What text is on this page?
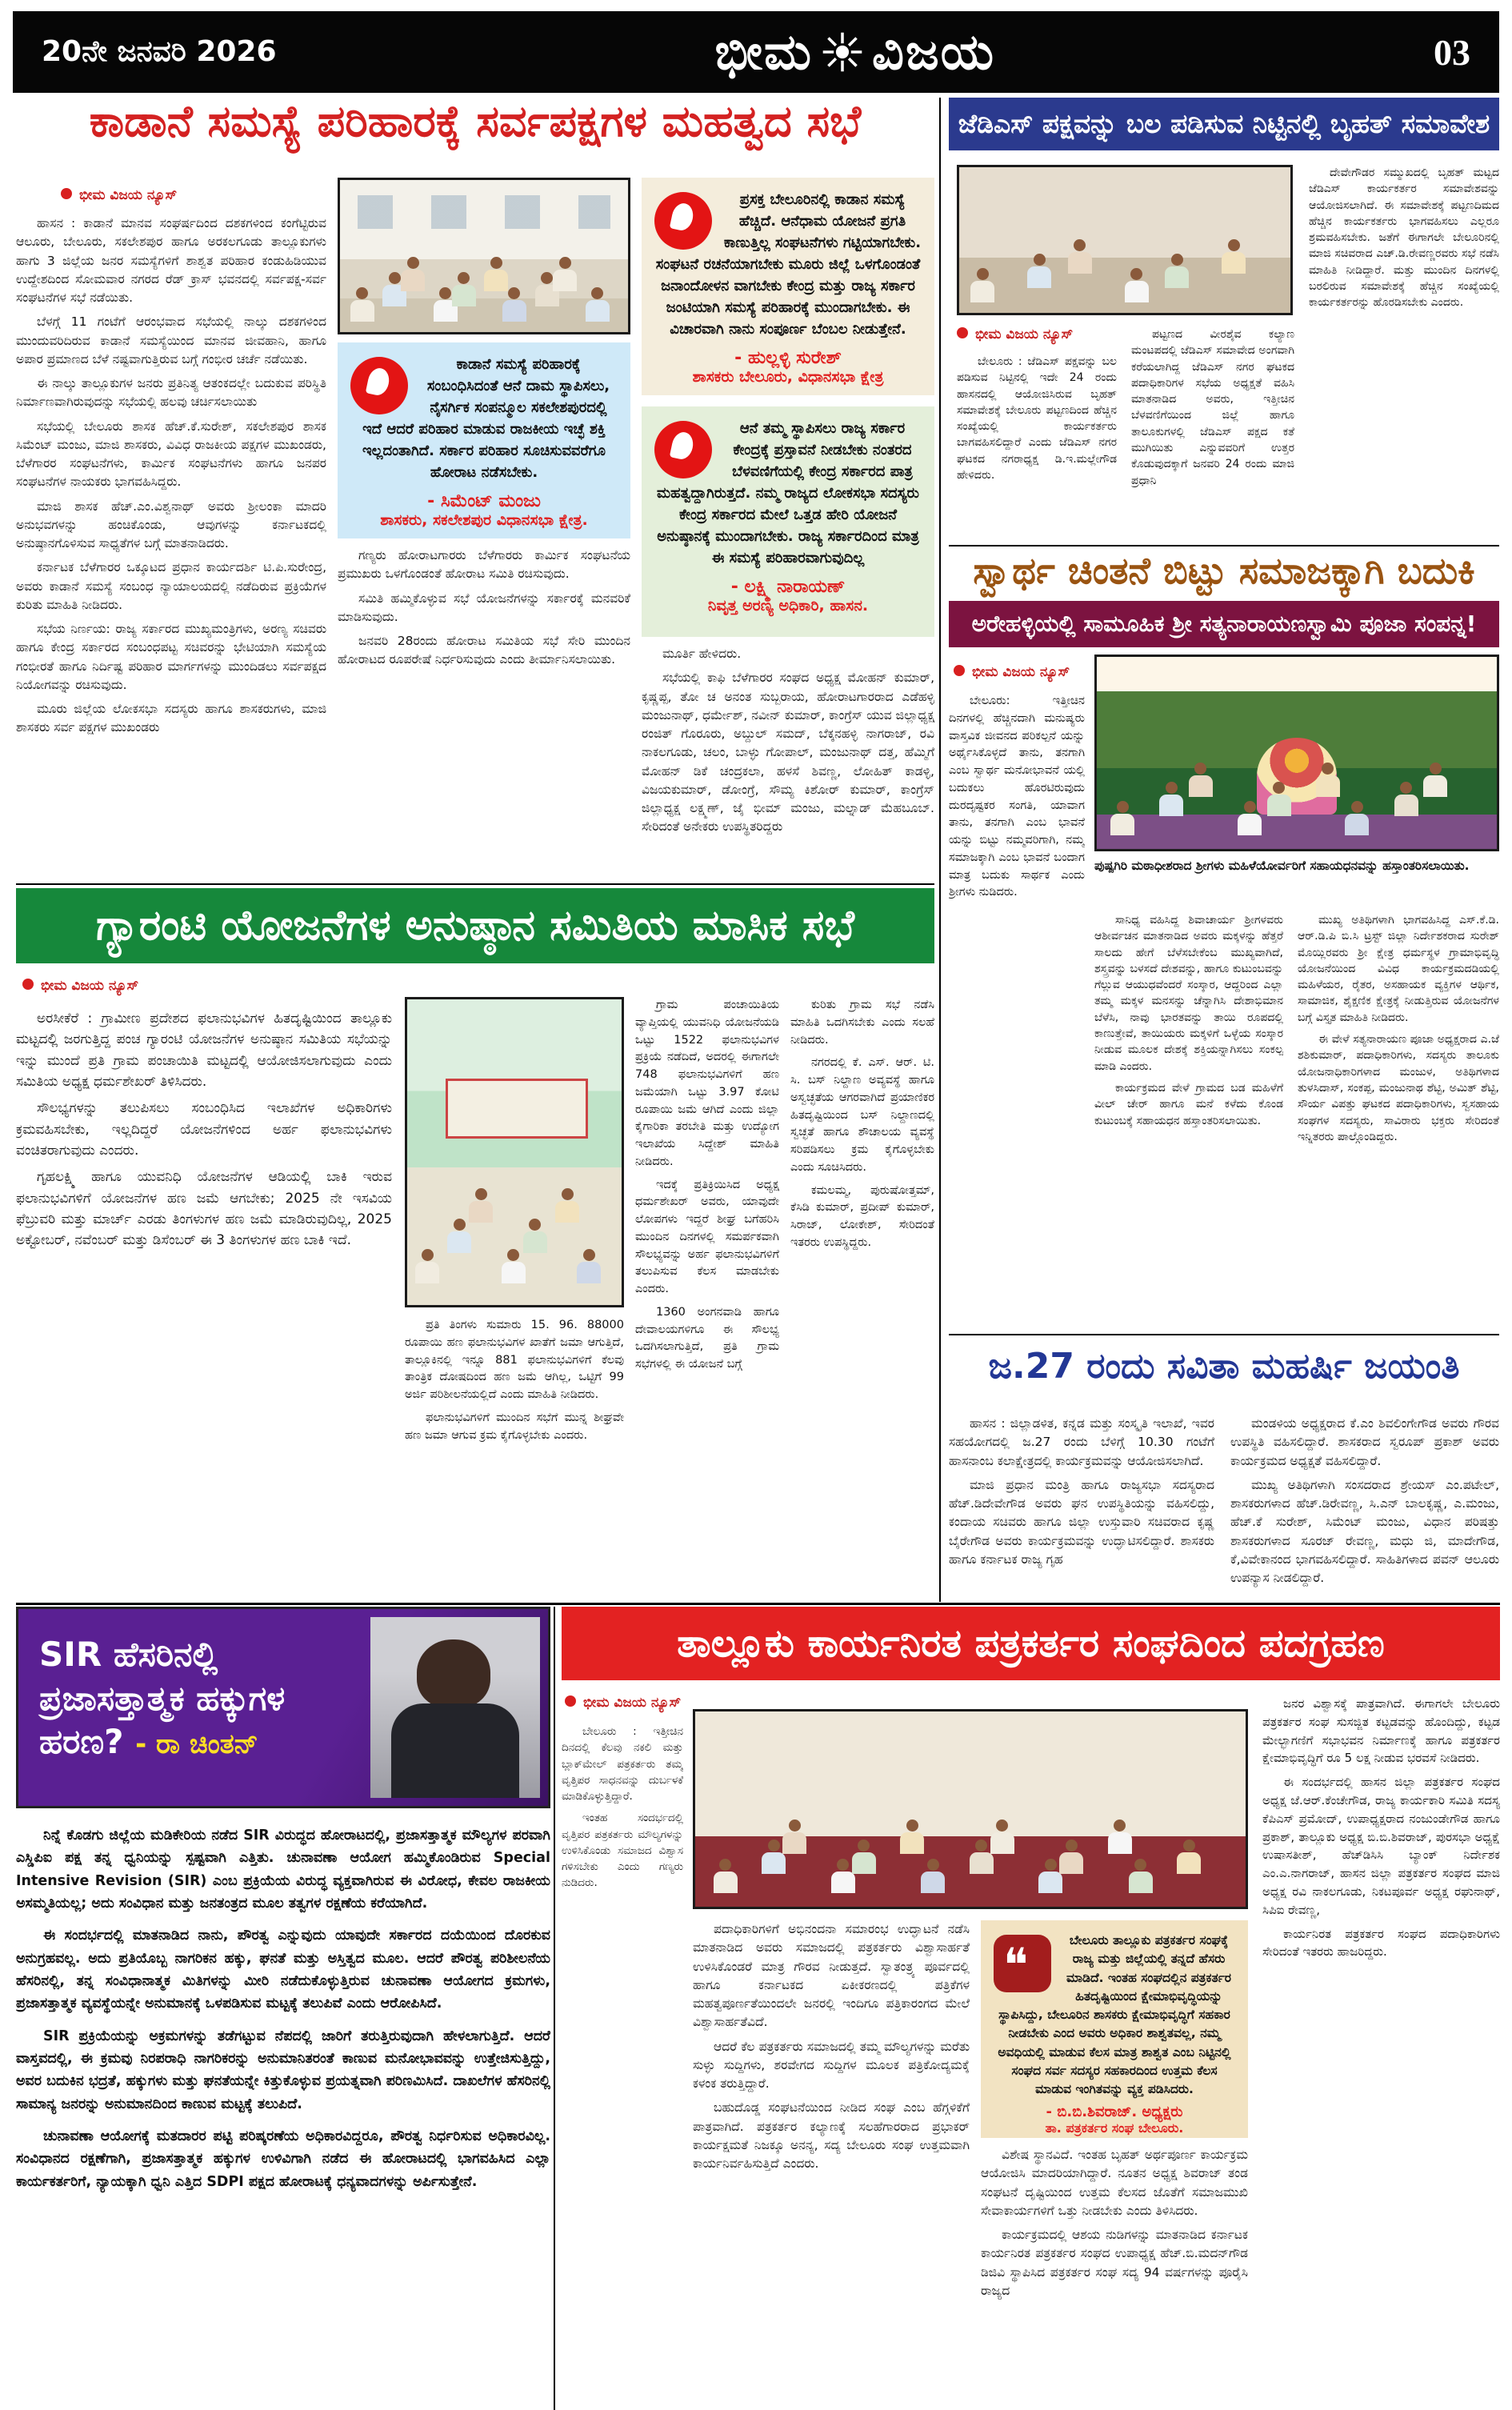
20ನೇ ಜನವರಿ 2026	ಭೀಮ ವಿಜಯ	03
ಕಾಡಾನೆ ಸಮಸ್ಯೆ ಪರಿಹಾರಕ್ಕೆ ಸರ್ವಪಕ್ಷಗಳ ಮಹತ್ವದ ಸಭೆ
ಭೀಮ ವಿಜಯ ನ್ಯೂಸ್

ಹಾಸನ : ಕಾಡಾನೆ ಮಾನವ ಸಂಘರ್ಷದಿಂದ ದಶಕಗಳಿಂದ ಕಂಗೆಟ್ಟಿರುವ ಆಲೂರು, ಬೇಲೂರು, ಸಕಲೇಶಪುರ ಹಾಗೂ ಅರಕಲಗೂಡು ತಾಲ್ಲೂಕುಗಳು ಹಾಗು 3 ಜಿಲ್ಲೆಯ ಜನರ ಸಮಸ್ಯೆಗಳಿಗೆ ಶಾಶ್ವತ ಪರಿಹಾರ ಕಂಡುಹಿಡಿಯುವ ಉದ್ದೇಶದಿಂದ ಸೋಮವಾರ ನಗರದ ರೆಡ್ ಕ್ರಾಸ್ ಭವನದಲ್ಲಿ ಸರ್ವಪಕ್ಷ-ಸರ್ವ ಸಂಘಟನೆಗಳ ಸಭೆ ನಡೆಯಿತು.

ಬೆಳಗ್ಗೆ 11 ಗಂಟೆಗೆ ಆರಂಭವಾದ ಸಭೆಯಲ್ಲಿ ನಾಲ್ಕು ದಶಕಗಳಿಂದ ಮುಂದುವರಿದಿರುವ ಕಾಡಾನೆ ಸಮಸ್ಯೆಯಿಂದ ಮಾನವ ಜೀವಹಾನಿ, ಹಾಗೂ ಅಪಾರ ಪ್ರಮಾಣದ ಬೆಳೆ ನಷ್ಟವಾಗುತ್ತಿರುವ ಬಗ್ಗೆ ಗಂಭೀರ ಚರ್ಚೆ ನಡೆಯಿತು.

ಈ ನಾಲ್ಕು ತಾಲ್ಲೂಕುಗಳ ಜನರು ಪ್ರತಿನಿತ್ಯ ಆತಂಕದಲ್ಲೇ ಬದುಕುವ ಪರಿಸ್ಥಿತಿ ನಿರ್ಮಾಣವಾಗಿರುವುದನ್ನು ಸಭೆಯಲ್ಲಿ ಹಲವು ಚರ್ಚಿಸಲಾಯಿತು

ಸಭೆಯಲ್ಲಿ ಬೇಲೂರು ಶಾಸಕ ಹೆಚ್.ಕೆ.ಸುರೇಶ್, ಸಕಲೇಶಪುರ ಶಾಸಕ ಸಿಮೆಂಟ್ ಮಂಜು, ಮಾಜಿ ಶಾಸಕರು, ವಿವಿಧ ರಾಜಕೀಯ ಪಕ್ಷಗಳ ಮುಖಂಡರು, ಬೆಳೆಗಾರರ ಸಂಘಟನೆಗಳು, ಕಾರ್ಮಿಕ ಸಂಘಟನೆಗಳು ಹಾಗೂ ಜನಪರ ಸಂಘಟನೆಗಳ ನಾಯಕರು ಭಾಗವಹಿಸಿದ್ದರು.

ಮಾಜಿ ಶಾಸಕ ಹೆಚ್.ಎಂ.ವಿಶ್ವನಾಥ್ ಅವರು ಶ್ರೀಲಂಕಾ ಮಾದರಿ ಅನುಭವಗಳನ್ನು ಹಂಚಿಕೊಂಡು, ಆವುಗಳನ್ನು ಕರ್ನಾಟಕದಲ್ಲಿ ಅನುಷ್ಠಾನಗೊಳಿಸುವ ಸಾಧ್ಯತೆಗಳ ಬಗ್ಗೆ ಮಾತನಾಡಿದರು.

ಕರ್ನಾಟಕ ಬೆಳೆಗಾರರ ಒಕ್ಕೂಟದ ಪ್ರಧಾನ ಕಾರ್ಯದರ್ಶಿ ಟಿ.ಪಿ.ಸುರೇಂದ್ರ, ಅವರು ಕಾಡಾನೆ ಸಮಸ್ಯೆ ಸಂಬಂಧ ನ್ಯಾಯಾಲಯದಲ್ಲಿ ನಡೆದಿರುವ ಪ್ರಕ್ರಿಯೆಗಳ ಕುರಿತು ಮಾಹಿತಿ ನೀಡಿದರು.

ಸಭೆಯ ನಿರ್ಣಯ: ರಾಜ್ಯ ಸರ್ಕಾರದ ಮುಖ್ಯಮಂತ್ರಿಗಳು, ಅರಣ್ಯ ಸಚಿವರು ಹಾಗೂ ಕೇಂದ್ರ ಸರ್ಕಾರದ ಸಂಬಂಧಪಟ್ಟ ಸಚಿವರನ್ನು ಭೇಟಿಯಾಗಿ ಸಮಸ್ಯೆಯ ಗಂಭೀರತೆ ಹಾಗೂ ನಿರ್ದಿಷ್ಟ ಪರಿಹಾರ ಮಾರ್ಗಗಳನ್ನು ಮುಂದಿಡಲು ಸರ್ವಪಕ್ಷದ ನಿಯೋಗವನ್ನು ರಚಿಸುವುದು.

ಮೂರು ಜಿಲ್ಲೆಯ ಲೋಕಸಭಾ ಸದಸ್ಯರು ಹಾಗೂ ಶಾಸಕರುಗಳು, ಮಾಜಿ ಶಾಸಕರು ಸರ್ವ ಪಕ್ಷಗಳ ಮುಖಂಡರು

ಕಾಡಾನೆ ಸಮಸ್ಯೆ ಪರಿಹಾರಕ್ಕೆ ಸಂಬಂಧಿಸಿದಂತೆ ಆನೆ ದಾಮ ಸ್ಥಾಪಿಸಲು, ನೈಸರ್ಗಿಕ ಸಂಪನ್ಮೂಲ ಸಕಲೇಶಪುರದಲ್ಲಿ ಇದೆ ಆದರೆ ಪರಿಹಾರ ಮಾಡುವ ರಾಜಕೀಯ ಇಚ್ಛೆ ಶಕ್ತಿ ಇಲ್ಲದಂತಾಗಿದೆ. ಸರ್ಕಾರ ಪರಿಹಾರ ಸೂಚಿಸುವವರೆಗೂ ಹೋರಾಟ ನಡೆಸಬೇಕು.
- ಸಿಮೆಂಟ್ ಮಂಜು
ಶಾಸಕರು, ಸಕಲೇಶಪುರ ವಿಧಾನಸಭಾ ಕ್ಷೇತ್ರ.

ಗಣ್ಯರು ಹೋರಾಟಗಾರರು ಬೆಳೆಗಾರರು ಕಾರ್ಮಿಕ ಸಂಘಟನೆಯ ಪ್ರಮುಖರು ಒಳಗೊಂಡಂತೆ ಹೋರಾಟ ಸಮಿತಿ ರಚಿಸುವುದು.

ಸಮಿತಿ ಹಮ್ಮಿಕೊಳ್ಳುವ ಸಭೆ ಯೋಜನೆಗಳನ್ನು ಸರ್ಕಾರಕ್ಕೆ ಮನವರಿಕೆ ಮಾಡಿಸುವುದು.

ಜನವರಿ 28ರಂದು ಹೋರಾಟ ಸಮಿತಿಯ ಸಭೆ ಸೇರಿ ಮುಂದಿನ ಹೋರಾಟದ ರೂಪರೇಷೆ ನಿರ್ಧರಿಸುವುದು ಎಂದು ತೀರ್ಮಾನಿಸಲಾಯಿತು.

ಪ್ರಸಕ್ತ ಬೇಲೂರಿನಲ್ಲಿ ಕಾಡಾನ ಸಮಸ್ಯೆ ಹೆಚ್ಚಿದೆ. ಆನೆಧಾಮ ಯೋಜನೆ ಪ್ರಗತಿ ಕಾಣುತ್ತಿಲ್ಲ ಸಂಘಟನೆಗಳು ಗಟ್ಟಿಯಾಗಬೇಕು. ಸಂಘಟನೆ ರಚನೆಯಾಗಬೇಕು ಮೂರು ಜಿಲ್ಲೆ ಒಳಗೊಂಡಂತೆ ಜನಾಂದೋಳನ ವಾಗಬೇಕು ಕೇಂದ್ರ ಮತ್ತು ರಾಜ್ಯ ಸರ್ಕಾರ ಜಂಟಿಯಾಗಿ ಸಮಸ್ಯೆ ಪರಿಹಾರಕ್ಕೆ ಮುಂದಾಗಬೇಕು. ಈ ವಿಚಾರವಾಗಿ ನಾನು ಸಂಪೂರ್ಣ ಬೆಂಬಲ ನೀಡುತ್ತೇನೆ.
- ಹುಲ್ಲಳ್ಳಿ ಸುರೇಶ್
ಶಾಸಕರು ಬೇಲೂರು, ವಿಧಾನಸಭಾ ಕ್ಷೇತ್ರ
ಆನೆ ತಮ್ಮ ಸ್ಥಾಪಿಸಲು ರಾಜ್ಯ ಸರ್ಕಾರ ಕೇಂದ್ರಕ್ಕೆ ಪ್ರಸ್ತಾವನೆ ನೀಡಬೇಕು ನಂತರದ ಬೆಳವಣಿಗೆಯಲ್ಲಿ ಕೇಂದ್ರ ಸರ್ಕಾರದ ಪಾತ್ರ ಮಹತ್ವದ್ದಾಗಿರುತ್ತದೆ. ನಮ್ಮ ರಾಜ್ಯದ ಲೋಕಸಭಾ ಸದಸ್ಯರು ಕೇಂದ್ರ ಸರ್ಕಾರದ ಮೇಲೆ ಒತ್ತಡ ಹೇರಿ ಯೋಜನೆ ಅನುಷ್ಠಾನಕ್ಕೆ ಮುಂದಾಗಬೇಕು. ರಾಜ್ಯ ಸರ್ಕಾರದಿಂದ ಮಾತ್ರ ಈ ಸಮಸ್ಯೆ ಪರಿಹಾರವಾಗುವುದಿಲ್ಲ
- ಲಕ್ಷ್ಮಿ ನಾರಾಯಣ್
ನಿವೃತ್ತ ಅರಣ್ಯ ಅಧಿಕಾರಿ, ಹಾಸನ.

ಮೂರ್ತಿ ಹೇಳಿದರು.

ಸಭೆಯಲ್ಲಿ ಕಾಫಿ ಬೆಳೆಗಾರರ ಸಂಘದ ಅಧ್ಯಕ್ಷ ಮೋಹನ್ ಕುಮಾರ್, ಕೃಷ್ಣಪ್ಪ, ತೋ ಚ ಅನಂತ ಸುಬ್ಬರಾಯ, ಹೋರಾಟಗಾರರಾದ ಎಡೆಹಳ್ಳಿ ಮಂಜುನಾಥ್, ಧರ್ಮೇಶ್, ನವೀನ್ ಕುಮಾರ್, ಕಾಂಗ್ರೆಸ್ ಯುವ ಜಿಲ್ಲಾಧ್ಯಕ್ಷ ರಂಜಿತ್ ಗೊರೂರು, ಅಬ್ದುಲ್ ಸಮದ್, ಬೆಕ್ಕನಹಳ್ಳಿ ನಾಗರಾಜ್, ರವಿ ನಾಕಲಗೂಡು, ಚಲಂ, ಬಾಳ್ಳು ಗೋಪಾಲ್, ಮಂಜುನಾಥ್ ದತ್ತ, ಹೆಮ್ಮಿಗೆ ಮೋಹನ್ ಡಿಕೆ ಚಂದ್ರಕಲಾ, ಹಳಸೆ ಶಿವಣ್ಣ, ಲೋಹಿತ್ ಕಾಡಳ್ಳಿ, ವಿಜಯಕುಮಾರ್, ಡೋಂಗ್ರೆ, ಸೌಮ್ಯ ಕಿಶೋರ್ ಕುಮಾರ್, ಕಾಂಗ್ರೆಸ್ ಜಿಲ್ಲಾಧ್ಯಕ್ಷ ಲಕ್ಷ್ಮಣ್, ಜೈ ಭೀಮ್ ಮಂಜು, ಮಲ್ನಾಡ್ ಮೆಹಬೂಬ್. ಸೇರಿದಂತೆ ಅನೇಕರು ಉಪಸ್ಥಿತರಿದ್ದರು

ಜೆಡಿಎಸ್ ಪಕ್ಷವನ್ನು ಬಲ ಪಡಿಸುವ ನಿಟ್ಟಿನಲ್ಲಿ ಬೃಹತ್ ಸಮಾವೇಶ
ಭೀಮ ವಿಜಯ ನ್ಯೂಸ್

ಬೇಲೂರು : ಜೆಡಿಎಸ್ ಪಕ್ಷವನ್ನು ಬಲ ಪಡಿಸುವ ನಿಟ್ಟಿನಲ್ಲಿ ಇದೇ 24 ರಂದು ಹಾಸನದಲ್ಲಿ ಆಯೋಜಿಸಿರುವ ಬೃಹತ್ ಸಮಾವೇಶಕ್ಕೆ ಬೇಲೂರು ಪಟ್ಟಣದಿಂದ ಹೆಚ್ಚಿನ ಸಂಖ್ಯೆಯಲ್ಲಿ ಕಾರ್ಯಕರ್ತರು ಬಾಗವಹಿಸಲಿದ್ದಾರೆ ಎಂದು ಜೆಡಿಎಸ್ ನಗರ ಘಟಕದ ನಗರಾಧ್ಯಕ್ಷ ಡಿ.ಇ.ಮಲ್ಲೇಗೌಡ ಹೇಳಿದರು.

ಪಟ್ಟಣದ ವೀರಶೈವ ಕಲ್ಯಾಣ ಮಂಟಪದಲ್ಲಿ ಜೆಡಿಎಸ್ ಸಮಾವೇದ ಅಂಗವಾಗಿ ಕರೆಯಲಾಗಿದ್ದ ಜೆಡಿಎಸ್ ನಗರ ಘಟಕದ ಪದಾಧಿಕಾರಿಗಳ ಸಭೆಯ ಅಧ್ಯಕ್ಷತೆ ವಹಿಸಿ ಮಾತನಾಡಿದ ಅವರು, ಇತ್ತೀಚಿನ ಬೆಳವಣಿಗೆಯಿಂದ ಜಿಲ್ಲೆ ಹಾಗೂ ತಾಲೂಕುಗಳಲ್ಲಿ ಜೆಡಿಎಸ್ ಪಕ್ಷದ ಕತೆ ಮುಗಿಯಿತು ಎನ್ನುವವರಿಗೆ ಉತ್ತರ ಕೊಡುವುದಕ್ಕಾಗೆ ಜನವರಿ 24 ರಂದು ಮಾಜಿ ಪ್ರಧಾನಿ

ದೇವೇಗೌಡರ ಸಮ್ಮುಖದಲ್ಲಿ ಬೃಹತ್ ಮಟ್ಟದ ಜೆಡಿಎಸ್ ಕಾರ್ಯಕರ್ತರ ಸಮಾವೇಶವನ್ನು ಆಯೋಜಿಸಲಾಗಿದೆ. ಈ ಸಮಾವೇಶಕ್ಕೆ ಪಟ್ಟಣದಿಮದ ಹೆಚ್ಚಿನ ಕಾರ್ಯಕರ್ತರು ಭಾಗವಹಿಸಲು ಎಲ್ಲರೂ ಶ್ರಮವಹಿಸಬೇಕು. ಜತೆಗೆ ಈಗಾಗಲೇ ಬೇಲೂರಿನಲ್ಲಿ ಮಾಜಿ ಸಚಿವರಾದ ಎಚ್.ಡಿ.ರೇವಣ್ಣರವರು ಸಭೆ ನಡೆಸಿ ಮಾಹಿತಿ ನೀಡಿದ್ದಾರೆ. ಮತ್ತು ಮುಂದಿನ ದಿನಗಳಲ್ಲಿ ಬರಲಿರುವ ಸಮಾವೇಶಕ್ಕೆ ಹೆಚ್ಚಿನ ಸಂಖ್ಯೆಯಲ್ಲಿ ಕಾರ್ಯಕರ್ತರನ್ನು ಹೊರಡಿಸಬೇಕು ಎಂದರು.

ಸ್ವಾರ್ಥ ಚಿಂತನೆ ಬಿಟ್ಟು ಸಮಾಜಕ್ಕಾಗಿ ಬದುಕಿ
ಅರೇಹಳ್ಳಿಯಲ್ಲಿ ಸಾಮೂಹಿಕ ಶ್ರೀ ಸತ್ಯನಾರಾಯಣಸ್ವಾಮಿ ಪೂಜಾ ಸಂಪನ್ನ!
ಭೀಮ ವಿಜಯ ನ್ಯೂಸ್

ಬೇಲೂರು: ಇತ್ತೀಚಿನ ದಿನಗಳಲ್ಲಿ ಹೆಚ್ಚಿನದಾಗಿ ಮನುಷ್ಯರು ವಾಸ್ತವಿಕ ಜೀವನದ ಪರಿಕಲ್ಪನೆ ಯನ್ನು ಅರ್ಥೈಸಿಕೊಳ್ಳದೆ ತಾನು, ತನಗಾಗಿ ಎಂಬ ಸ್ವಾರ್ಥ ಮನೋಭಾವನೆ ಯಲ್ಲಿ ಬದುಕಲು ಹೊರಟಿರುವುದು ದುರದೃಷ್ಟಕರ ಸಂಗತಿ, ಯಾವಾಗ ತಾನು, ತನಗಾಗಿ ಎಂಬ ಭಾವನೆ ಯನ್ನು ಬಿಟ್ಟು ನಮ್ಮವರಿಗಾಗಿ, ನಮ್ಮ ಸಮಾಜಕ್ಕಾಗಿ ಎಂಬ ಭಾವನೆ ಬಂದಾಗ ಮಾತ್ರ ಬದುಕು ಸಾರ್ಥಕ ಎಂದು ಶ್ರೀಗಳು ನುಡಿದರು.

ಪುಷ್ಪಗಿರಿ ಮಠಾಧೀಶರಾದ ಶ್ರೀಗಳು ಮಹಿಳೆಯೋರ್ವರಿಗೆ ಸಹಾಯಧನವನ್ನು ಹಸ್ತಾಂತರಿಸಲಾಯಿತು.

ಸಾನಿಧ್ಯ ವಹಿಸಿದ್ದ ಶಿವಾಚಾರ್ಯ ಶ್ರೀಗಳವರು ಆಶೀರ್ವಚನ ಮಾತನಾಡಿದ ಅವರು ಮಕ್ಕಳನ್ನು ಹೆತ್ತರೆ ಸಾಲದು ಹೇಗೆ ಬೆಳೆಸಬೇಕೆಂಬ ಮುಖ್ಯವಾಗಿದೆ, ಶಸ್ತ್ರವನ್ನು ಬಳಸದೆ ದೇಶವನ್ನು, ಹಾಗೂ ಕುಟುಂಬವನ್ನು ಗೆಲ್ಲುವ ಆಯುಧವೆಂದರೆ ಸಂಸ್ಕಾರ, ಆದ್ದರಿಂದ ಎಲ್ಲಾ ತಮ್ಮ ಮಕ್ಕಳ ಮನಸನ್ನು ಚೆನ್ನಾಗಿಸಿ ದೇಶಾಭಿಮಾನ ಬೆಳೆಸಿ, ನಾವು ಭಾರತವನ್ನು ತಾಯಿ ರೂಪದಲ್ಲಿ ಕಾಣುತ್ತೇವೆ, ತಾಯಿಯರು ಮಕ್ಕಳಿಗೆ ಒಳ್ಳೆಯ ಸಂಸ್ಕಾರ ನೀಡುವ ಮೂಲಕ ದೇಶಕ್ಕೆ ಶಕ್ತಿಯನ್ನಾಗಿಸಲು ಸಂಕಲ್ಪ ಮಾಡಿ ಎಂದರು.

ಕಾರ್ಯಕ್ರಮದ ವೇಳೆ ಗ್ರಾಮದ ಬಡ ಮಹಿಳೆಗೆ ವೀಲ್ ಚೇರ್ ಹಾಗೂ ಮನೆ ಕಳೆದು ಕೊಂಡ ಕುಟುಂಬಕ್ಕೆ ಸಹಾಯಧನ ಹಸ್ತಾಂತರಿಸಲಾಯಿತು.

ಮುಖ್ಯ ಅತಿಥಿಗಳಾಗಿ ಭಾಗವಹಿಸಿದ್ದ ಎಸ್.ಕೆ.ಡಿ. ಆರ್.ಡಿ.ಪಿ ಬಿ.ಸಿ ಟ್ರಸ್ಟ್ ಜಿಲ್ಲಾ ನಿರ್ದೇಶಕರಾದ ಸುರೇಶ್ ಮೊಯ್ಲಿರವರು ಶ್ರೀ ಕ್ಷೇತ್ರ ಧರ್ಮಸ್ಥಳ ಗ್ರಾಮಾಭಿವೃದ್ಧಿ ಯೋಜನೆಯಿಂದ ವಿವಿಧ ಕಾರ್ಯಕ್ರಮದಡಿಯಲ್ಲಿ ಮಹಿಳೆಯರ, ರೈತರ, ಅಸಹಾಯಕ ವ್ಯಕ್ತಿಗಳ ಆರ್ಥಿಕ, ಸಾಮಾಜಿಕ, ಶೈಕ್ಷಣಿಕ ಕ್ಷೇತ್ರಕ್ಕೆ ನೀಡುತ್ತಿರುವ ಯೋಜನೆಗಳ ಬಗ್ಗೆ ವಿಸ್ತೃತ ಮಾಹಿತಿ ನೀಡಿದರು.

ಈ ವೇಳೆ ಸತ್ಯನಾರಾಯಣ ಪೂಜಾ ಅಧ್ಯಕ್ಷರಾದ ಎ.ಜೆ ಶಶಿಕುಮಾರ್, ಪದಾಧಿಕಾರಿಗಳು, ಸದಸ್ಯರು ತಾಲೂಕು ಯೋಜನಾಧಿಕಾರಿಗಳಾದ ಮಂಜುಳ, ಅತಿಥಿಗಳಾದ ತುಳಸಿದಾಸ್, ಸಂಕಪ್ಪ, ಮಂಜುನಾಥ ಶೆಟ್ಟಿ, ಅಮಿತ್ ಶೆಟ್ಟಿ, ಸೌರ್ಯ ವಿಪತ್ತು ಘಟಕದ ಪದಾಧಿಕಾರಿಗಳು, ಸ್ವಸಹಾಯ ಸಂಘಗಳ ಸದಸ್ಯರು, ಸಾವಿರಾರು ಭಕ್ತರು ಸೇರಿದಂತೆ ಇನ್ನಿತರರು ಪಾಲ್ಗೊಂಡಿದ್ದರು.

ಜ.27 ರಂದು ಸವಿತಾ ಮಹರ್ಷಿ ಜಯಂತಿ

ಹಾಸನ : ಜಿಲ್ಲಾಡಳಿತ, ಕನ್ನಡ ಮತ್ತು ಸಂಸ್ಕೃತಿ ಇಲಾಖೆ, ಇವರ ಸಹಯೋಗದಲ್ಲಿ ಜ.27 ರಂದು ಬೆಳಿಗ್ಗೆ 10.30 ಗಂಟೆಗೆ ಹಾಸನಾಂಬ ಕಲಾಕ್ಷೇತ್ರದಲ್ಲಿ ಕಾರ್ಯಕ್ರಮವನ್ನು ಆಯೋಜಿಸಲಾಗಿದೆ.

ಮಾಜಿ ಪ್ರಧಾನ ಮಂತ್ರಿ ಹಾಗೂ ರಾಜ್ಯಸಭಾ ಸದಸ್ಯರಾದ ಹೆಚ್.ಡಿದೇವೇಗೌಡ ಅವರು ಘನ ಉಪಸ್ಥಿತಿಯನ್ನು ವಹಿಸಲಿದ್ದು, ಕಂದಾಯ ಸಚಿವರು ಹಾಗೂ ಜಿಲ್ಲಾ ಉಸ್ತುವಾರಿ ಸಚಿವರಾದ ಕೃಷ್ಣ ಬೈರೇಗೌಡ ಅವರು ಕಾರ್ಯಕ್ರಮವನ್ನು ಉದ್ಘಾಟಿಸಲಿದ್ದಾರೆ. ಶಾಸಕರು ಹಾಗೂ ಕರ್ನಾಟಕ ರಾಜ್ಯ ಗೃಹ

ಮಂಡಳಿಯ ಅಧ್ಯಕ್ಷರಾದ ಕೆ.ಎಂ ಶಿವಲಿಂಗೇಗೌಡ ಅವರು ಗೌರವ ಉಪಸ್ಥಿತಿ ವಹಿಸಲಿದ್ದಾರೆ. ಶಾಸಕರಾದ ಸ್ವರೂಪ್ ಪ್ರಕಾಶ್ ಅವರು ಕಾರ್ಯಕ್ರಮದ ಅಧ್ಯಕ್ಷತೆ ವಹಿಸಲಿದ್ದಾರೆ.

ಮುಖ್ಯ ಅತಿಥಿಗಳಾಗಿ ಸಂಸದರಾದ ಶ್ರೇಯಸ್ ಎಂ.ಪಟೇಲ್, ಶಾಸಕರುಗಳಾದ ಹೆಚ್.ಡಿರೇವಣ್ಣ, ಸಿ.ಎನ್ ಬಾಲಕೃಷ್ಣ, ಎ.ಮಂಜು, ಹೆಚ್.ಕೆ ಸುರೇಶ್, ಸಿಮೆಂಟ್ ಮಂಜು, ವಿಧಾನ ಪರಿಷತ್ತು ಶಾಸಕರುಗಳಾದ ಸೂರಜ್ ರೇವಣ್ಣ, ಮಧು ಜಿ, ಮಾದೇಗೌಡ, ಕೆ,ವಿವೇಕಾನಂದ ಭಾಗವಹಿಸಲಿದ್ದಾರೆ. ಸಾಹಿತಿಗಳಾದ ಪವನ್ ಆಲೂರು ಉಪನ್ಯಾಸ ನೀಡಲಿದ್ದಾರೆ.

ಗ್ಯಾರಂಟಿ ಯೋಜನೆಗಳ ಅನುಷ್ಠಾನ ಸಮಿತಿಯ ಮಾಸಿಕ ಸಭೆ
ಭೀಮ ವಿಜಯ ನ್ಯೂಸ್

ಅರಸೀಕೆರೆ : ಗ್ರಾಮೀಣ ಪ್ರದೇಶದ ಫಲಾನುಭವಿಗಳ ಹಿತದೃಷ್ಟಿಯಿಂದ ತಾಲ್ಲೂಕು ಮಟ್ಟದಲ್ಲಿ ಜರಗುತ್ತಿದ್ದ ಪಂಚ ಗ್ಯಾರಂಟಿ ಯೋಜನೆಗಳ ಅನುಷ್ಠಾನ ಸಮಿತಿಯ ಸಭೆಯನ್ನು ಇನ್ನು ಮುಂದೆ ಪ್ರತಿ ಗ್ರಾಮ ಪಂಚಾಯಿತಿ ಮಟ್ಟದಲ್ಲಿ ಆಯೋಜಿಸಲಾಗುವುದು ಎಂದು ಸಮಿತಿಯ ಅಧ್ಯಕ್ಷ ಧರ್ಮಶೇಖರ್ ತಿಳಿಸಿದರು.

ಸೌಲಭ್ಯಗಳನ್ನು ತಲುಪಿಸಲು ಸಂಬಂಧಿಸಿದ ಇಲಾಖೆಗಳ ಅಧಿಕಾರಿಗಳು ಕ್ರಮವಹಿಸಬೇಕು, ಇಲ್ಲದಿದ್ದರೆ ಯೋಜನೆಗಳಿಂದ ಅರ್ಹ ಫಲಾನುಭವಿಗಳು ವಂಚಿತರಾಗುವುದು ಎಂದರು.

ಗೃಹಲಕ್ಷ್ಮಿ ಹಾಗೂ ಯುವನಿಧಿ ಯೋಜನೆಗಳ ಆಡಿಯಲ್ಲಿ ಬಾಕಿ ಇರುವ ಫಲಾನುಭವಿಗಳಿಗೆ ಯೋಜನೆಗಳ ಹಣ ಜಮೆ ಆಗಬೇಕು; 2025 ನೇ ಇಸವಿಯ ಫೆಬ್ರುವರಿ ಮತ್ತು ಮಾರ್ಚ್ ಎರಡು ತಿಂಗಳುಗಳ ಹಣ ಜಮೆ ಮಾಡಿರುವುದಿಲ್ಲ, 2025 ಅಕ್ಟೋಬರ್, ನವೆಂಬರ್ ಮತ್ತು ಡಿಸೆಂಬರ್ ಈ 3 ತಿಂಗಳುಗಳ ಹಣ ಬಾಕಿ ಇದೆ.

ಪ್ರತಿ ತಿಂಗಳು ಸುಮಾರು 15. 96. 88000 ರೂಪಾಯಿ ಹಣ ಫಲಾನುಭವಿಗಳ ಖಾತೆಗೆ ಜಮಾ ಆಗುತ್ತಿದೆ, ತಾಲ್ಲೂಕಿನಲ್ಲಿ ಇನ್ನೂ 881 ಫಲಾನುಭವಿಗಳಿಗೆ ಕೆಲವು ತಾಂತ್ರಿಕ ದೋಷದಿಂದ ಹಣ ಜಮೆ ಆಗಿಲ್ಲ, ಒಟ್ಟಿಗೆ 99 ಅರ್ಜಿ ಪರಿಶೀಲನೆಯಲ್ಲಿದೆ ಎಂದು ಮಾಹಿತಿ ನೀಡಿದರು.

ಫಲಾನುಭವಿಗಳಿಗೆ ಮುಂದಿನ ಸಭೆಗೆ ಮುನ್ನ ಶೀಘ್ರವೇ ಹಣ ಜಮಾ ಆಗುವ ಕ್ರಮ ಕೈಗೊಳ್ಳಬೇಕು ಎಂದರು.

ಗ್ರಾಮ ಪಂಚಾಯಿತಿಯ ವ್ಯಾಪ್ತಿಯಲ್ಲಿ ಯುವನಿಧಿ ಯೋಜನೆಯಡಿ ಒಟ್ಟು 1522 ಫಲಾನುಭವಿಗಳ ಪ್ರಕ್ರಿಯೆ ನಡೆದಿದೆ, ಅದರಲ್ಲಿ ಈಗಾಗಲೇ 748 ಫಲಾನುಭವಿಗಳಿಗೆ ಹಣ ಜಮೆಯಾಗಿ ಒಟ್ಟು 3.97 ಕೋಟಿ ರೂಪಾಯಿ ಜಮೆ ಆಗಿದೆ ಎಂದು ಜಿಲ್ಲಾ ಕೈಗಾರಿಕಾ ತರಬೇತಿ ಮತ್ತು ಉದ್ಯೋಗ ಇಲಾಖೆಯ ಸಿದ್ದೇಶ್ ಮಾಹಿತಿ ನೀಡಿದರು.

ಇದಕ್ಕೆ ಪ್ರತಿಕ್ರಿಯಿಸಿದ ಅಧ್ಯಕ್ಷ ಧರ್ಮಶೇಖರ್ ಅವರು, ಯಾವುದೇ ಲೋಪಗಳು ಇದ್ದರೆ ಶೀಘ್ರ ಬಗೆಹರಿಸಿ ಮುಂದಿನ ದಿನಗಳಲ್ಲಿ ಸಮರ್ಪಕವಾಗಿ ಸೌಲಭ್ಯವನ್ನು ಅರ್ಹ ಫಲಾನುಭವಿಗಳಿಗೆ ತಲುಪಿಸುವ ಕೆಲಸ ಮಾಡಬೇಕು ಎಂದರು.

1360 ಅಂಗನವಾಡಿ ಹಾಗೂ ದೇವಾಲಯಗಳಿಗೂ ಈ ಸೌಲಭ್ಯ ಒದಗಿಸಲಾಗುತ್ತಿದೆ, ಪ್ರತಿ ಗ್ರಾಮ ಸಭೆಗಳಲ್ಲಿ ಈ ಯೋಜನೆ ಬಗ್ಗೆ

ಕುರಿತು ಗ್ರಾಮ ಸಭೆ ನಡೆಸಿ ಮಾಹಿತಿ ಒದಗಿಸಬೇಕು ಎಂದು ಸಲಹೆ ನೀಡಿದರು.

ನಗರದಲ್ಲಿ ಕೆ. ಎಸ್. ಆರ್. ಟಿ. ಸಿ. ಬಸ್ ನಿಲ್ದಾಣ ಅವ್ಯವಸ್ಥೆ ಹಾಗೂ ಅಸ್ವಚ್ಛತೆಯ ಆಗರವಾಗಿದೆ ಪ್ರಯಾಣಿಕರ ಹಿತದೃಷ್ಟಿಯಿಂದ ಬಸ್ ನಿಲ್ದಾಣದಲ್ಲಿ ಸ್ವಚ್ಛತೆ ಹಾಗೂ ಶೌಚಾಲಯ ವ್ಯವಸ್ಥೆ ಸರಿಪಡಿಸಲು ಕ್ರಮ ಕೈಗೊಳ್ಳಬೇಕು ಎಂದು ಸೂಚಿಸಿದರು.

ಕಮಲಮ್ಮ, ಪುರುಷೋತ್ತಮ್, ಕೆಸಿಡಿ ಕುಮಾರ್, ಪ್ರದೀಪ್ ಕುಮಾರ್, ಸಿರಾಜ್, ಲೋಕೇಶ್, ಸೇರಿದಂತೆ ಇತರರು ಉಪಸ್ಥಿದ್ದರು.

SIR ಹೆಸರಿನಲ್ಲಿ ಪ್ರಜಾಸತ್ತಾತ್ಮಕ ಹಕ್ಕುಗಳ ಹರಣ? - ರಾ ಚಿಂತನ್

ನಿನ್ನೆ ಕೊಡಗು ಜಿಲ್ಲೆಯ ಮಡಿಕೇರಿಯ ನಡೆದ SIR ವಿರುದ್ಧದ ಹೋರಾಟದಲ್ಲಿ, ಪ್ರಜಾಸತ್ತಾತ್ಮಕ ಮೌಲ್ಯಗಳ ಪರವಾಗಿ ಎಸ್ಡಿಪಿಐ ಪಕ್ಷ ತನ್ನ ಧ್ವನಿಯನ್ನು ಸ್ಪಷ್ಟವಾಗಿ ಎತ್ತಿತು. ಚುನಾವಣಾ ಆಯೋಗ ಹಮ್ಮಿಕೊಂಡಿರುವ Special Intensive Revision (SIR) ಎಂಬ ಪ್ರಕ್ರಿಯೆಯ ವಿರುದ್ಧ ವ್ಯಕ್ತವಾಗಿರುವ ಈ ವಿರೋಧ, ಕೇವಲ ರಾಜಕೀಯ ಅಸಮ್ಮತಿಯಲ್ಲ; ಅದು ಸಂವಿಧಾನ ಮತ್ತು ಜನತಂತ್ರದ ಮೂಲ ತತ್ವಗಳ ರಕ್ಷಣೆಯ ಕರೆಯಾಗಿದೆ.

ಈ ಸಂದರ್ಭದಲ್ಲಿ ಮಾತನಾಡಿದ ನಾನು, ಪೌರತ್ವ ಎನ್ನುವುದು ಯಾವುದೇ ಸರ್ಕಾರದ ದಯೆಯಿಂದ ದೊರಕುವ ಅನುಗ್ರಹವಲ್ಲ. ಅದು ಪ್ರತಿಯೊಬ್ಬ ನಾಗರಿಕನ ಹಕ್ಕು, ಘನತೆ ಮತ್ತು ಅಸ್ತಿತ್ವದ ಮೂಲ. ಆದರೆ ಪೌರತ್ವ ಪರಿಶೀಲನೆಯ ಹೆಸರಿನಲ್ಲಿ, ತನ್ನ ಸಂವಿಧಾನಾತ್ಮಕ ಮಿತಿಗಳನ್ನು ಮೀರಿ ನಡೆದುಕೊಳ್ಳುತ್ತಿರುವ ಚುನಾವಣಾ ಆಯೋಗದ ಕ್ರಮಗಳು, ಪ್ರಜಾಸತ್ತಾತ್ಮಕ ವ್ಯವಸ್ಥೆಯನ್ನೇ ಅನುಮಾನಕ್ಕೆ ಒಳಪಡಿಸುವ ಮಟ್ಟಕ್ಕೆ ತಲುಪಿವೆ ಎಂದು ಆರೋಪಿಸಿದೆ.

SIR ಪ್ರಕ್ರಿಯೆಯನ್ನು ಅಕ್ರಮಗಳನ್ನು ತಡೆಗಟ್ಟುವ ನೆಪದಲ್ಲಿ ಜಾರಿಗೆ ತರುತ್ತಿರುವುದಾಗಿ ಹೇಳಲಾಗುತ್ತಿದೆ. ಆದರೆ ವಾಸ್ತವದಲ್ಲಿ, ಈ ಕ್ರಮವು ನಿರಪರಾಧಿ ನಾಗರಿಕರನ್ನು ಅನುಮಾನಿತರಂತೆ ಕಾಣುವ ಮನೋಭಾವವನ್ನು ಉತ್ತೇಜಿಸುತ್ತಿದ್ದು, ಅವರ ಬದುಕಿನ ಭದ್ರತೆ, ಹಕ್ಕುಗಳು ಮತ್ತು ಘನತೆಯನ್ನೇ ಕಿತ್ತುಕೊಳ್ಳುವ ಪ್ರಯತ್ನವಾಗಿ ಪರಿಣಮಿಸಿದೆ. ದಾಖಲೆಗಳ ಹೆಸರಿನಲ್ಲಿ ಸಾಮಾನ್ಯ ಜನರನ್ನು ಅನುಮಾನದಿಂದ ಕಾಣುವ ಮಟ್ಟಕ್ಕೆ ತಲುಪಿದೆ.

ಚುನಾವಣಾ ಆಯೋಗಕ್ಕೆ ಮತದಾರರ ಪಟ್ಟಿ ಪರಿಷ್ಕರಣೆಯ ಅಧಿಕಾರವಿದ್ದರೂ, ಪೌರತ್ವ ನಿರ್ಧರಿಸುವ ಅಧಿಕಾರವಿಲ್ಲ. ಸಂವಿಧಾನದ ರಕ್ಷಣೆಗಾಗಿ, ಪ್ರಜಾಸತ್ತಾತ್ಮಕ ಹಕ್ಕುಗಳ ಉಳಿವಿಗಾಗಿ ನಡೆದ ಈ ಹೋರಾಟದಲ್ಲಿ ಭಾಗವಹಿಸಿದ ಎಲ್ಲಾ ಕಾರ್ಯಕರ್ತರಿಗೆ, ನ್ಯಾಯಕ್ಕಾಗಿ ಧ್ವನಿ ಎತ್ತಿದ SDPI ಪಕ್ಷದ ಹೋರಾಟಕ್ಕೆ ಧನ್ಯವಾದಗಳನ್ನು ಅರ್ಪಿಸುತ್ತೇನೆ.

ತಾಲ್ಲೂಕು ಕಾರ್ಯನಿರತ ಪತ್ರಕರ್ತರ ಸಂಘದಿಂದ ಪದಗ್ರಹಣ
ಭೀಮ ವಿಜಯ ನ್ಯೂಸ್

ಬೇಲೂರು : ಇತ್ತೀಚಿನ ದಿನದಲ್ಲಿ ಕೆಲವು ನಕಲಿ ಮತ್ತು ಬ್ಲಾಕ್‌ಮೇಲ್ ಪತ್ರಕರ್ತರು ತಮ್ಮ ವೃತ್ತಿಪರ ಸಾಧನವನ್ನು ದುರ್ಬಳಕೆ ಮಾಡಿಕೊಳ್ಳುತ್ತಿದ್ದಾರೆ.

ಇಂತಹ ಸಂದರ್ಭದಲ್ಲಿ ವೃತ್ತಿಪರ ಪತ್ರಕರ್ತರು ಮೌಲ್ಯಗಳನ್ನು ಉಳಿಸಿಕೊಂಡು ಸಮಾಜದ ವಿಶ್ವಾಸ ಗಳಿಸಬೇಕು ಎಂದು ಗಣ್ಯರು ನುಡಿದರು.

ಪದಾಧಿಕಾರಿಗಳಿಗೆ ಅಭಿನಂದನಾ ಸಮಾರಂಭ ಉದ್ಘಾಟನೆ ನಡೆಸಿ ಮಾತನಾಡಿದ ಅವರು ಸಮಾಜದಲ್ಲಿ ಪತ್ರಕರ್ತರು ವಿಶ್ವಾಸಾರ್ಹತೆ ಉಳಿಸಿಕೊಂಡರೆ ಮಾತ್ರ ಗೌರವ ನೀಡುತ್ತದೆ. ಸ್ವಾತಂತ್ರ್ಯ ಪೂರ್ವದಲ್ಲಿ ಹಾಗೂ ಕರ್ನಾಟಕದ ಏಕೀಕರಣದಲ್ಲಿ ಪತ್ರಿಕೆಗಳ ಮಹತ್ವಪೂರ್ಣತೆಯಿಂದಲೇ ಜನರಲ್ಲಿ ಇಂದಿಗೂ ಪತ್ರಿಕಾರಂಗದ ಮೇಲೆ ವಿಶ್ವಾಸಾರ್ಹತೆವಿದೆ.

ಆದರೆ ಕೆಲ ಪತ್ರಕರ್ತರು ಸಮಾಜದಲ್ಲಿ ತಮ್ಮ ಮೌಲ್ಯಗಳನ್ನು ಮರೆತು ಸುಳ್ಳು ಸುದ್ದಿಗಳು, ಶರವೇಗದ ಸುದ್ದಿಗಳ ಮೂಲಕ ಪತ್ರಿಕೋದ್ಯಮಕ್ಕೆ ಕಳಂಕ ತರುತ್ತಿದ್ದಾರೆ.

ಬಹುದೊಡ್ಡ ಸಂಘಟನೆಯಿಂದ ನೀಡಿದ ಸಂಘ ಎಂಬ ಹೆಗ್ಗಳಿಕೆಗೆ ಪಾತ್ರವಾಗಿದೆ. ಪತ್ರಕರ್ತರ ಕಲ್ಯಾಣಕ್ಕೆ ಸಲಹೆಗಾರರಾದ ಪ್ರಭಾಕರ್ ಕಾರ್ಯಕ್ಷಮತೆ ನಿಜಕ್ಕೂ ಅನನ್ಯ, ಸದ್ಯ ಬೇಲೂರು ಸಂಘ ಉತ್ತಮವಾಗಿ ಕಾರ್ಯನಿರ್ವಹಿಸುತ್ತಿದೆ ಎಂದರು.

❝
ಬೇಲೂರು ತಾಲ್ಲೂಕು ಪತ್ರಕರ್ತರ ಸಂಘಕ್ಕೆ ರಾಜ್ಯ ಮತ್ತು ಜಿಲ್ಲೆಯಲ್ಲಿ ತನ್ನದೆ ಹೆಸರು ಮಾಡಿದೆ. ಇಂತಹ ಸಂಘದಲ್ಲಿನ ಪತ್ರಕರ್ತರ ಹಿತದೃಷ್ಟಿಯಿಂದ ಕ್ಷೇಮಾಭಿವೃದ್ಧಿಯನ್ನು ಸ್ಥಾಪಿಸಿದ್ದು, ಬೇಲೂರಿನ ಶಾಸಕರು ಕ್ಷೇಮಾಭಿವೃದ್ಧಿಗೆ ಸಹಕಾರ ನೀಡಬೇಕು ಎಂದ ಅವರು ಅಧಿಕಾರ ಶಾಶ್ವತವಲ್ಲ, ನಮ್ಮ ಅವಧಿಯಲ್ಲಿ ಮಾಡುವ ಕೆಲಸ ಮಾತ್ರ ಶಾಶ್ವತ ಎಂಬ ನಿಟ್ಟಿನಲ್ಲಿ ಸಂಘದ ಸರ್ವ ಸದಸ್ಯರ ಸಹಕಾರದಿಂದ ಉತ್ತಮ ಕೆಲಸ ಮಾಡುವ ಇಂಗಿತವನ್ನು ವ್ಯಕ್ತ ಪಡಿಸಿದರು.
- ಬಿ.ಬಿ.ಶಿವರಾಜ್. ಅಧ್ಯಕ್ಷರು
ತಾ. ಪತ್ರಕರ್ತರ ಸಂಘ ಬೇಲೂರು.

ವಿಶೇಷ ಸ್ಥಾನವಿದೆ. ಇಂತಹ ಬೃಹತ್ ಅರ್ಥಪೂರ್ಣ ಕಾರ್ಯಕ್ರಮ ಆಯೋಜಿಸಿ ಮಾದರಿಯಾಗಿದ್ದಾರೆ. ನೂತನ ಅಧ್ಯಕ್ಷ ಶಿವರಾಜ್ ತಂಡ ಸಂಘಟನೆ ದೃಷ್ಟಿಯಿಂದ ಉತ್ತಮ ಕೆಲಸದ ಜೊತೆಗೆ ಸಮಾಜಮುಖಿ ಸೇವಾಕಾರ್ಯಗಳಿಗೆ ಒತ್ತು ನೀಡಬೇಕು ಎಂದು ತಿಳಿಸಿದರು.

ಕಾರ್ಯಕ್ರಮದಲ್ಲಿ ಆಶಯ ನುಡಿಗಳನ್ನು ಮಾತನಾಡಿದ ಕರ್ನಾಟಕ ಕಾರ್ಯನಿರತ ಪತ್ರಕರ್ತರ ಸಂಘದ ಉಪಾಧ್ಯಕ್ಷ ಹೆಚ್.ಬಿ.ಮದನ್‌ಗೌಡ ಡಿಜಿವಿ ಸ್ಥಾಪಿಸಿದ ಪತ್ರಕರ್ತರ ಸಂಘ ಸದ್ಯ 94 ವರ್ಷಗಳನ್ನು ಪೂರೈಸಿ ರಾಜ್ಯದ

ಜನರ ವಿಶ್ವಾಸಕ್ಕೆ ಪಾತ್ರವಾಗಿದೆ. ಈಗಾಗಲೇ ಬೇಲೂರು ಪತ್ರಕರ್ತರ ಸಂಘ ಸುಸಜ್ಜಿತ ಕಟ್ಟಡವನ್ನು ಹೊಂದಿದ್ದು, ಕಟ್ಟಡ ಮೇಲ್ಭಾಗಣಿಗೆ ಸಭಾಭವನ ನಿರ್ಮಾಣಕ್ಕೆ ಹಾಗೂ ಪತ್ರಕರ್ತರ ಕ್ಷೇಮಾಭಿವೃದ್ಧಿಗೆ ರೂ 5 ಲಕ್ಷ ನೀಡುವ ಭರವಸೆ ನೀಡಿದರು.

ಈ ಸಂದರ್ಭದಲ್ಲಿ ಹಾಸನ ಜಿಲ್ಲಾ ಪತ್ರಕರ್ತರ ಸಂಘದ ಅಧ್ಯಕ್ಷ ಜೆ.ಆರ್.ಕೆಂಚೇಗೌಡ, ರಾಜ್ಯ ಕಾರ್ಯಕಾರಿ ಸಮಿತಿ ಸದಸ್ಯ ಕೆಪಿಎಸ್ ಪ್ರಮೋದ್, ಉಪಾಧ್ಯಕ್ಷರಾದ ನಂಜುಂಡೇಗೌಡ ಹಾಗೂ ಪ್ರಕಾಶ್, ತಾಲ್ಲೂಕು ಅಧ್ಯಕ್ಷ ಬಿ.ಬಿ.ಶಿವರಾಜ್, ಪುರಸಭಾ ಅಧ್ಯಕ್ಷೆ ಉಷಾಸತೀಶ್, ಹೆಚ್‌ಡಿಸಿಸಿ ಬ್ಯಾಂಕ್ ನಿರ್ದೇಶಕ ಎಂ.ಎ.ನಾಗರಾಜ್, ಹಾಸನ ಜಿಲ್ಲಾ ಪತ್ರಕರ್ತರ ಸಂಘದ ಮಾಜಿ ಅಧ್ಯಕ್ಷ ರವಿ ನಾಕಲಗೂಡು, ನಿಕಟಪೂರ್ವ ಅಧ್ಯಕ್ಷ ರಘುನಾಥ್, ಸಿಪಿಐ ರೇವಣ್ಣ,

ಕಾರ್ಯನಿರತ ಪತ್ರಕರ್ತರ ಸಂಘದ ಪದಾಧಿಕಾರಿಗಳು ಸೇರಿದಂತೆ ಇತರರು ಹಾಜರಿದ್ದರು.
